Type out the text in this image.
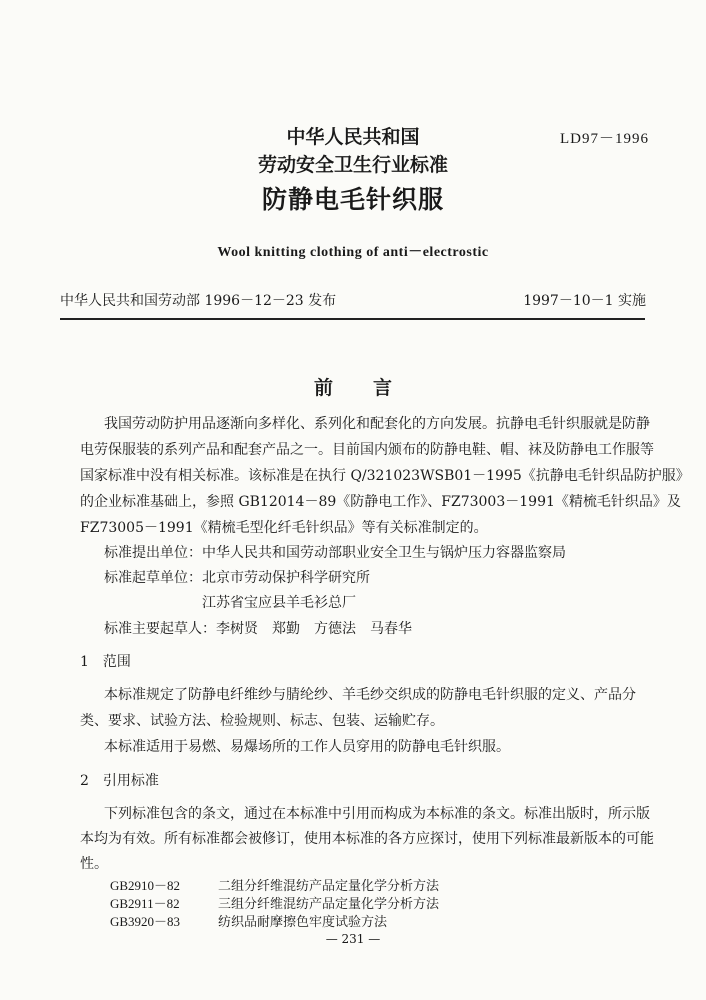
中华人民共和国
劳动安全卫生行业标准
防静电毛针织服
LD97－1996
Wool knitting clothing of anti－electrostic
中华人民共和国劳动部 1996－12－23 发布	1997－10－1 实施
前言
我国劳动防护用品逐渐向多样化、系列化和配套化的方向发展。抗静电毛针织服就是防静
电劳保服装的系列产品和配套产品之一。目前国内颁布的防静电鞋、帽、袜及防静电工作服等
国家标准中没有相关标准。该标准是在执行 Q/321023WSB01－1995《抗静电毛针织品防护服》
的企业标准基础上，参照 GB12014－89《防静电工作》、FZ73003－1991《精梳毛针织品》及
FZ73005－1991《精梳毛型化纤毛针织品》等有关标准制定的。
标准提出单位：中华人民共和国劳动部职业安全卫生与锅炉压力容器监察局
标准起草单位：北京市劳动保护科学研究所
江苏省宝应县羊毛衫总厂
标准主要起草人：李树贤　郑勤　方德法　马春华
1　范围
本标准规定了防静电纤维纱与腈纶纱、羊毛纱交织成的防静电毛针织服的定义、产品分
类、要求、试验方法、检验规则、标志、包装、运输贮存。
本标准适用于易燃、易爆场所的工作人员穿用的防静电毛针织服。
2　引用标准
下列标准包含的条文，通过在本标准中引用而构成为本标准的条文。标准出版时，所示版
本均为有效。所有标准都会被修订，使用本标准的各方应探讨，使用下列标准最新版本的可能
性。
GB2910－82	二组分纤维混纺产品定量化学分析方法
GB2911－82	三组分纤维混纺产品定量化学分析方法
GB3920－83	纺织品耐摩擦色牢度试验方法
— 231 —
